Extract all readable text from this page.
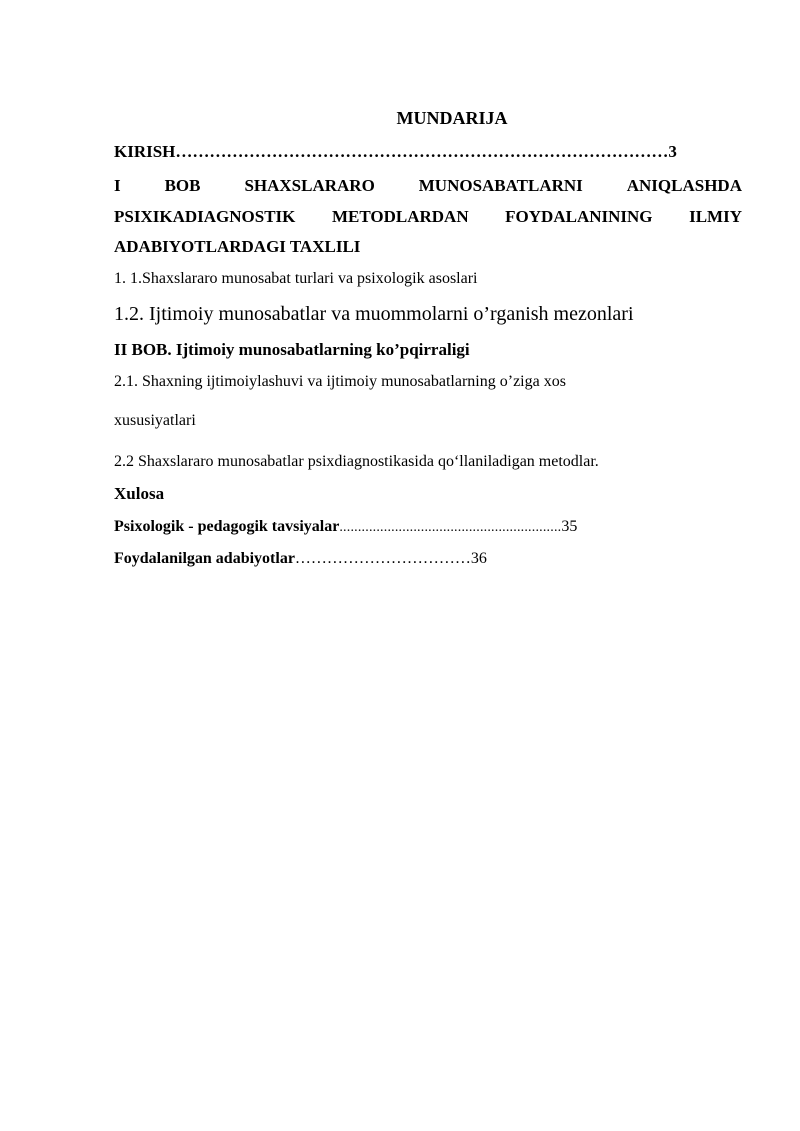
MUNDARIJA
KIRISH……………………………………………………………………………3
I	BOB	SHAXSLARARO	MUNOSABATLARNI	ANIQLASHDA
PSIXIKADIAGNOSTIK METODLARDAN FOYDALANINING ILMIY
ADABIYOTLARDAGI TAXLILI
1. 1.Shaxslararo munosabat turlari va psixologik asoslari
1.2. Ijtimoiy munosabatlar va muommolarni o’rganish mezonlari
II BOB. Ijtimoiy munosabatlarning ko’pqirraligi
2.1. Shaxning ijtimoiylashuvi va ijtimoiy munosabatlarning o’ziga xos
xususiyatlari
2.2 Shaxslararo munosabatlar psixdiagnostikasida qo‘llaniladigan metodlar.
Xulosa
Psixologik - pedagogik tavsiyalar............................................................35
Foydalanilgan adabiyotlar……………………………36
